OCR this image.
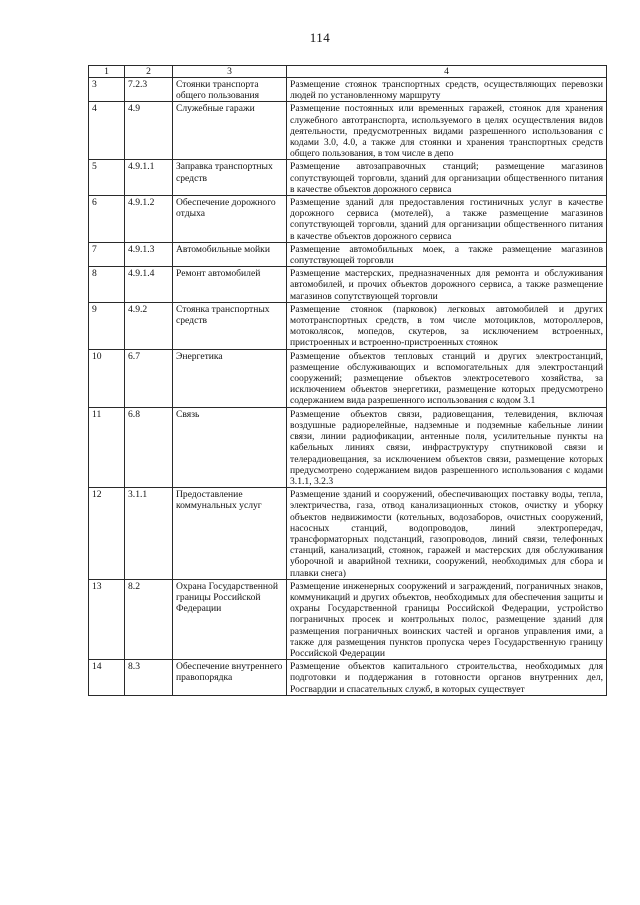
114
1	2	3	4
3	7.2.3	Стоянки транспорта общего пользования	Размещение стоянок транспортных средств, осуществляющих перевозки людей по установленному маршруту
4	4.9	Служебные гаражи	Размещение постоянных или временных гаражей, стоянок для хранения служебного автотранспорта, используемого в целях осуществления видов деятельности, предусмотренных видами разрешенного использования с кодами 3.0, 4.0, а также для стоянки и хранения транспортных средств общего пользования, в том числе в депо
5	4.9.1.1	Заправка транспортных средств	Размещение автозаправочных станций; размещение магазинов сопутствующей торговли, зданий для организации общественного питания в качестве объектов дорожного сервиса
6	4.9.1.2	Обеспечение дорожного отдыха	Размещение зданий для предоставления гостиничных услуг в качестве дорожного сервиса (мотелей), а также размещение магазинов сопутствующей торговли, зданий для организации общественного питания в качестве объектов дорожного сервиса
7	4.9.1.3	Автомобильные мойки	Размещение автомобильных моек, а также размещение магазинов сопутствующей торговли
8	4.9.1.4	Ремонт автомобилей	Размещение мастерских, предназначенных для ремонта и обслуживания автомобилей, и прочих объектов дорожного сервиса, а также размещение магазинов сопутствующей торговли
9	4.9.2	Стоянка транспортных средств	Размещение стоянок (парковок) легковых автомобилей и других мототранспортных средств, в том числе мотоциклов, мотороллеров, мотоколясок, мопедов, скутеров, за исключением встроенных, пристроенных и встроенно-пристроенных стоянок
10	6.7	Энергетика	Размещение объектов тепловых станций и других электростанций, размещение обслуживающих и вспомогательных для электростанций сооружений; размещение объектов электросетевого хозяйства, за исключением объектов энергетики, размещение которых предусмотрено содержанием вида разрешенного использования с кодом 3.1
11	6.8	Связь	Размещение объектов связи, радиовещания, телевидения, включая воздушные радиорелейные, надземные и подземные кабельные линии связи, линии радиофикации, антенные поля, усилительные пункты на кабельных линиях связи, инфраструктуру спутниковой связи и телерадиовещания, за исключением объектов связи, размещение которых предусмотрено содержанием видов разрешенного использования с кодами 3.1.1, 3.2.3
12	3.1.1	Предоставление коммунальных услуг	Размещение зданий и сооружений, обеспечивающих поставку воды, тепла, электричества, газа, отвод канализационных стоков, очистку и уборку объектов недвижимости (котельных, водозаборов, очистных сооружений, насосных станций, водопроводов, линий электропередач, трансформаторных подстанций, газопроводов, линий связи, телефонных станций, канализаций, стоянок, гаражей и мастерских для обслуживания уборочной и аварийной техники, сооружений, необходимых для сбора и плавки снега)
13	8.2	Охрана Государственной границы Российской Федерации	Размещение инженерных сооружений и заграждений, пограничных знаков, коммуникаций и других объектов, необходимых для обеспечения защиты и охраны Государственной границы Российской Федерации, устройство пограничных просек и контрольных полос, размещение зданий для размещения пограничных воинских частей и органов управления ими, а также для размещения пунктов пропуска через Государственную границу Российской Федерации
14	8.3	Обеспечение внутреннего правопорядка	Размещение объектов капитального строительства, необходимых для подготовки и поддержания в готовности органов внутренних дел, Росгвардии и спасательных служб, в которых существует
